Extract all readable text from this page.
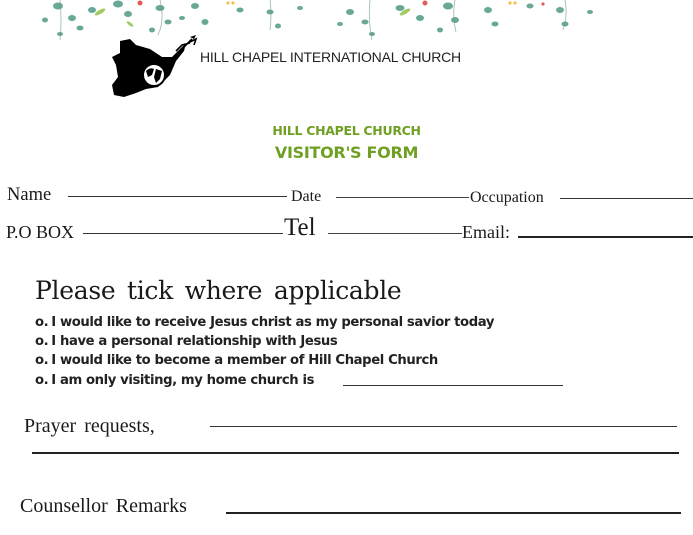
HILL CHAPEL INTERNATIONAL CHURCH
HILL CHAPEL CHURCH
VISITOR'S FORM
Name	Date	Occupation
P.O BOX	Tel	Email:
Please tick where applicable
o. I would like to receive Jesus christ as my personal savior today
o. I have a personal relationship with Jesus
o. I would like to become a member of Hill Chapel Church
o. I am only visiting, my home church is
Prayer requests,
Counsellor Remarks
